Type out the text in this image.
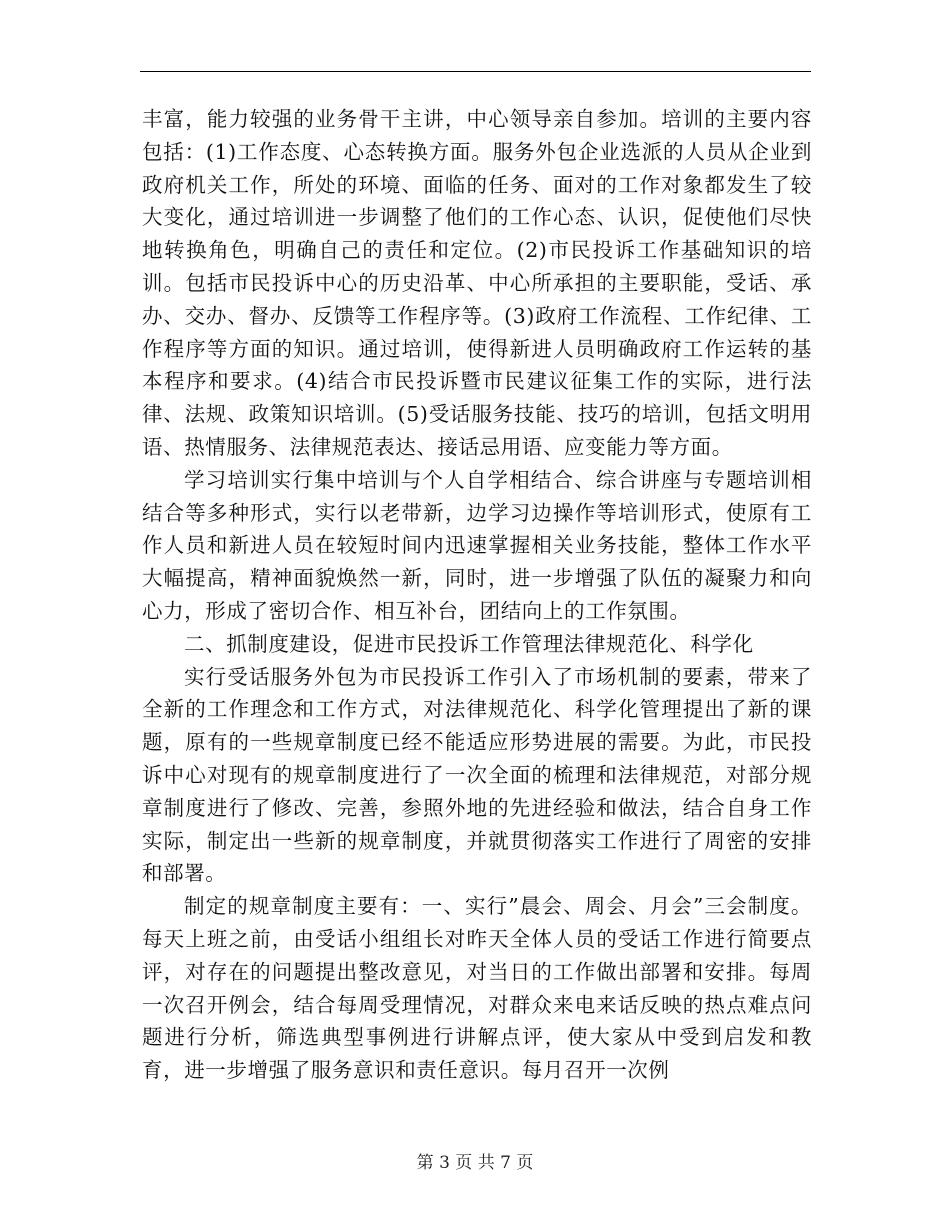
丰富，能力较强的业务骨干主讲，中心领导亲自参加。培训的主要内容包括：(1)工作态度、心态转换方面。服务外包企业选派的人员从企业到政府机关工作，所处的环境、面临的任务、面对的工作对象都发生了较大变化，通过培训进一步调整了他们的工作心态、认识，促使他们尽快地转换角色，明确自己的责任和定位。(2)市民投诉工作基础知识的培训。包括市民投诉中心的历史沿革、中心所承担的主要职能，受话、承办、交办、督办、反馈等工作程序等。(3)政府工作流程、工作纪律、工作程序等方面的知识。通过培训，使得新进人员明确政府工作运转的基本程序和要求。(4)结合市民投诉暨市民建议征集工作的实际，进行法律、法规、政策知识培训。(5)受话服务技能、技巧的培训，包括文明用语、热情服务、法律规范表达、接话忌用语、应变能力等方面。

学习培训实行集中培训与个人自学相结合、综合讲座与专题培训相结合等多种形式，实行以老带新，边学习边操作等培训形式，使原有工作人员和新进人员在较短时间内迅速掌握相关业务技能，整体工作水平大幅提高，精神面貌焕然一新，同时，进一步增强了队伍的凝聚力和向心力，形成了密切合作、相互补台，团结向上的工作氛围。

二、抓制度建设，促进市民投诉工作管理法律规范化、科学化

实行受话服务外包为市民投诉工作引入了市场机制的要素，带来了全新的工作理念和工作方式，对法律规范化、科学化管理提出了新的课题，原有的一些规章制度已经不能适应形势进展的需要。为此，市民投诉中心对现有的规章制度进行了一次全面的梳理和法律规范，对部分规章制度进行了修改、完善，参照外地的先进经验和做法，结合自身工作实际，制定出一些新的规章制度，并就贯彻落实工作进行了周密的安排和部署。

制定的规章制度主要有：一、实行”晨会、周会、月会”三会制度。每天上班之前，由受话小组组长对昨天全体人员的受话工作进行简要点评，对存在的问题提出整改意见，对当日的工作做出部署和安排。每周一次召开例会，结合每周受理情况，对群众来电来话反映的热点难点问题进行分析，筛选典型事例进行讲解点评，使大家从中受到启发和教育，进一步增强了服务意识和责任意识。每月召开一次例

第 3 页 共 7 页
